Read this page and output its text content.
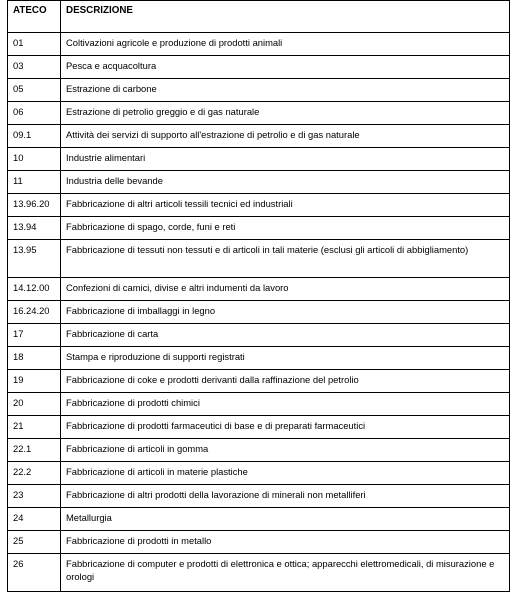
ATECO	DESCRIZIONE
01	Coltivazioni agricole e produzione di prodotti animali
03	Pesca e acquacoltura
05	Estrazione di carbone
06	Estrazione di petrolio greggio e di gas naturale
09.1	Attività dei servizi di supporto all'estrazione di petrolio e di gas naturale
10	Industrie alimentari
11	Industria delle bevande
13.96.20	Fabbricazione di altri articoli tessili tecnici ed industriali
13.94	Fabbricazione di spago, corde, funi e reti
13.95	Fabbricazione di tessuti non tessuti e di articoli in tali materie (esclusi gli articoli di abbigliamento)
14.12.00	Confezioni di camici, divise e altri indumenti da lavoro
16.24.20	Fabbricazione di imballaggi in legno
17	Fabbricazione di carta
18	Stampa e riproduzione di supporti registrati
19	Fabbricazione di coke e prodotti derivanti dalla raffinazione del petrolio
20	Fabbricazione di prodotti chimici
21	Fabbricazione di prodotti farmaceutici di base e di preparati farmaceutici
22.1	Fabbricazione di articoli in gomma
22.2	Fabbricazione di articoli in materie plastiche
23	Fabbricazione di altri prodotti della lavorazione di minerali non metalliferi
24	Metallurgia
25	Fabbricazione di prodotti in metallo
26	Fabbricazione di computer e prodotti di elettronica e ottica; apparecchi elettromedicali, di misurazione e orologi
